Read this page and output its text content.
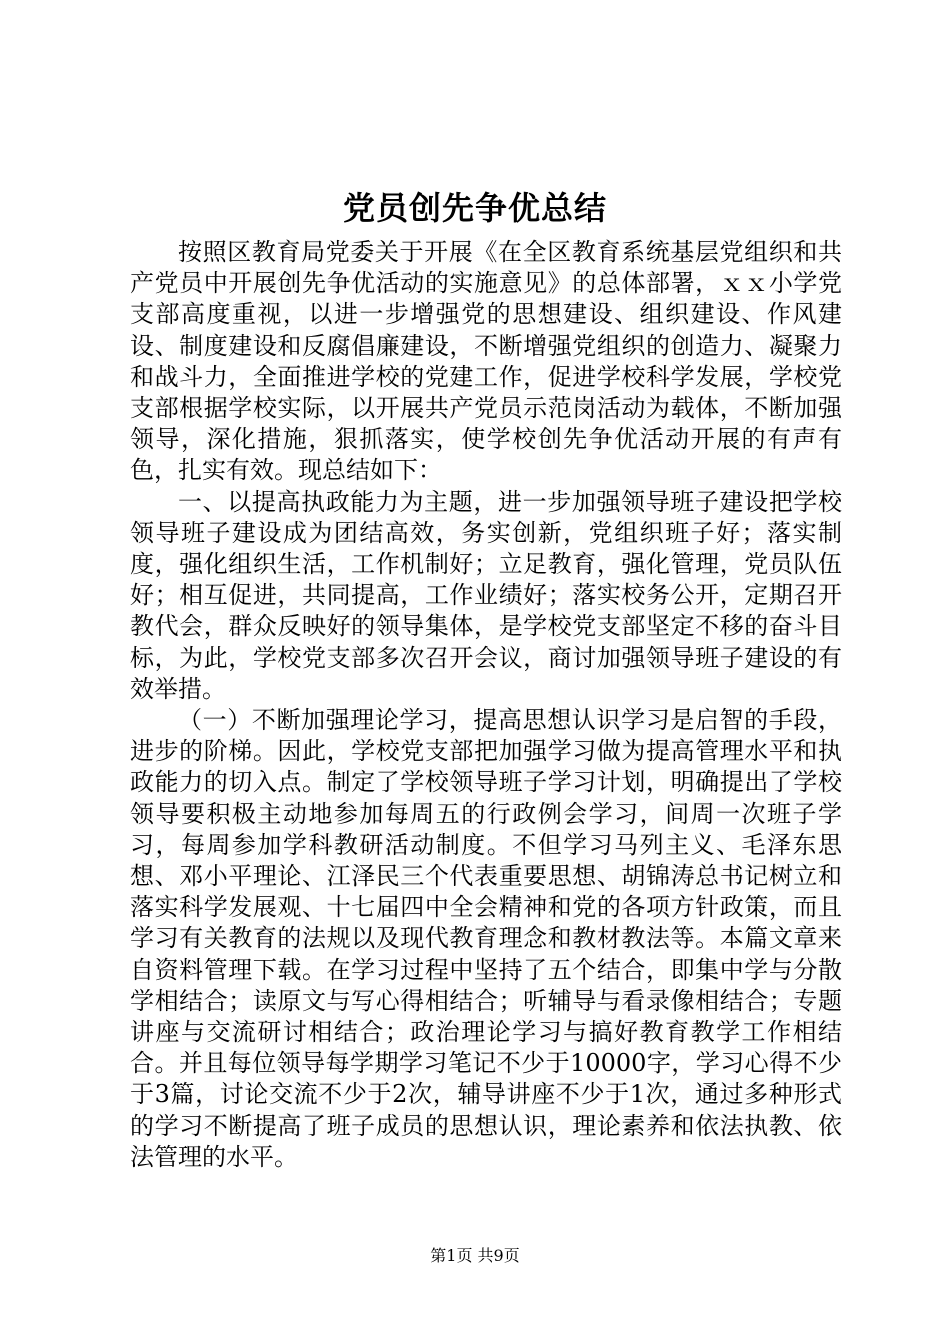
党员创先争优总结

按照区教育局党委关于开展《在全区教育系统基层党组织和共产党员中开展创先争优活动的实施意见》的总体部署，ｘｘ小学党支部高度重视，以进一步增强党的思想建设、组织建设、作风建设、制度建设和反腐倡廉建设，不断增强党组织的创造力、凝聚力和战斗力，全面推进学校的党建工作，促进学校科学发展，学校党支部根据学校实际，以开展共产党员示范岗活动为载体，不断加强领导，深化措施，狠抓落实，使学校创先争优活动开展的有声有色，扎实有效。现总结如下：

一、以提高执政能力为主题，进一步加强领导班子建设把学校领导班子建设成为团结高效，务实创新，党组织班子好；落实制度，强化组织生活，工作机制好；立足教育，强化管理，党员队伍好；相互促进，共同提高，工作业绩好；落实校务公开，定期召开教代会，群众反映好的领导集体，是学校党支部坚定不移的奋斗目标，为此，学校党支部多次召开会议，商讨加强领导班子建设的有效举措。

（一）不断加强理论学习，提高思想认识学习是启智的手段，进步的阶梯。因此，学校党支部把加强学习做为提高管理水平和执政能力的切入点。制定了学校领导班子学习计划，明确提出了学校领导要积极主动地参加每周五的行政例会学习，间周一次班子学习，每周参加学科教研活动制度。不但学习马列主义、毛泽东思想、邓小平理论、江泽民三个代表重要思想、胡锦涛总书记树立和落实科学发展观、十七届四中全会精神和党的各项方针政策，而且学习有关教育的法规以及现代教育理念和教材教法等。本篇文章来自资料管理下载。在学习过程中坚持了五个结合，即集中学与分散学相结合；读原文与写心得相结合；听辅导与看录像相结合；专题讲座与交流研讨相结合；政治理论学习与搞好教育教学工作相结合。并且每位领导每学期学习笔记不少于10000字，学习心得不少于3篇，讨论交流不少于2次，辅导讲座不少于1次，通过多种形式的学习不断提高了班子成员的思想认识，理论素养和依法执教、依法管理的水平。

第1页 共9页
